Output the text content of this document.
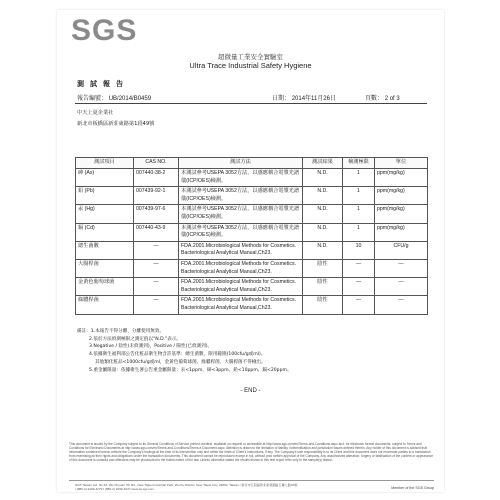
SGS
超微量工業安全實驗室
Ultra Trace Industrial Safety Hygiene
測試報告
報告編號： UB/2014/B0459	日期： 2014年11月26日	頁數： 2 of 3
中天上夏企業社
新北市板橋區新莊東路第1段49號
測試項目	CAS NO.	測試方法	測試結果	檢測極限	單位
砷 (As)	007440-38-2	本測試參考USEPA 3052方法，以感應耦合電漿光譜儀(ICP/OES)檢測。	N.D.	1	ppm(mg/kg)
鉛 (Pb)	007439-92-1	本測試參考USEPA 3052方法，以感應耦合電漿光譜儀(ICP/OES)檢測。	N.D.	1	ppm(mg/kg)
汞 (Hg)	007439-97-6	本測試參考USEPA 3052方法，以感應耦合電漿光譜儀(ICP/OES)檢測。	N.D.	1	ppm(mg/kg)
鎘 (Cd)	007440-43-9	本測試參考USEPA 3052方法，以感應耦合電漿光譜儀(ICP/OES)檢測。	N.D.	1	ppm(mg/kg)
總生菌數	—	FDA.2001.Microbiological Methods for Cosmetics. Bacteriological Analytical Manual,Ch23.	N.D.	10	CFU/g
大腸桿菌	—	FDA.2001.Microbiological Methods for Cosmetics. Bacteriological Analytical Manual,Ch23.	陰性	—	—
金黃色葡萄球菌	—	FDA.2001.Microbiological Methods for Cosmetics. Bacteriological Analytical Manual,Ch23.	陰性	—	—
綠膿桿菌	—	FDA.2001.Microbiological Methods for Cosmetics. Bacteriological Analytical Manual,Ch23.	陰性	—	—
備註：1.本報告不得分離，分離使用無效。
2.依於方法偵測極限之測定值以"N.D."表示。
3.Negative / 陰性(未偵測到)，Positive / 陽性(已偵測到)。
4.依據衛生福利部公告化粧品衛生物含許基準：總生菌數，限用範圍(100cfu/g或ml)。
其他類化粧品<1000cfu/g或ml，金黃色葡萄球菌、綠膿桿菌、大腸桿菌不得檢出。
5.重金屬限量：依據衛生署公告重金屬限量：汞<1ppm、砷<3ppm、鉛<10ppm、鎘<20ppm。
- END -
This document is issued by the Company subject to its General Conditions of Service printed overleaf, available on request or accessible at http://www.sgs.com/en/Terms-and-Conditions.aspx and, for electronic format documents, subject to Terms and Conditions for Electronic Documents at http://www.sgs.com/en/Terms-and-Conditions/Terms-e-Document.aspx. Attention is drawn to the limitation of liability, indemnification and jurisdiction issues defined therein. Any holder of this document is advised that information contained hereon reflects the Company's findings at the time of its intervention only and within the limits of Client's instructions, if any. The Company's sole responsibility is to its Client and this document does not exonerate parties to a transaction from exercising all their rights and obligations under the transaction documents. This document cannot be reproduced except in full, without prior written approval of the Company. Any unauthorized alteration, forgery or falsification of the content or appearance of this document is unlawful and offenders may be prosecuted to the fullest extent of the law. Unless otherwise stated the results shown in this test report refer only to the sample(s) tested.
SGS Taiwan Ltd. No.33, Wu Chyuan 7th Rd., New Taipei Industrial Park, Wu Ku District, New Taipei City, 24890, Taiwan / 新北市五股區新北產業園區五權七路33號
t (886-2) 2299-3279 f (886-2) 2299-3237 www.tw.sgs.com	Member of the SGS Group
